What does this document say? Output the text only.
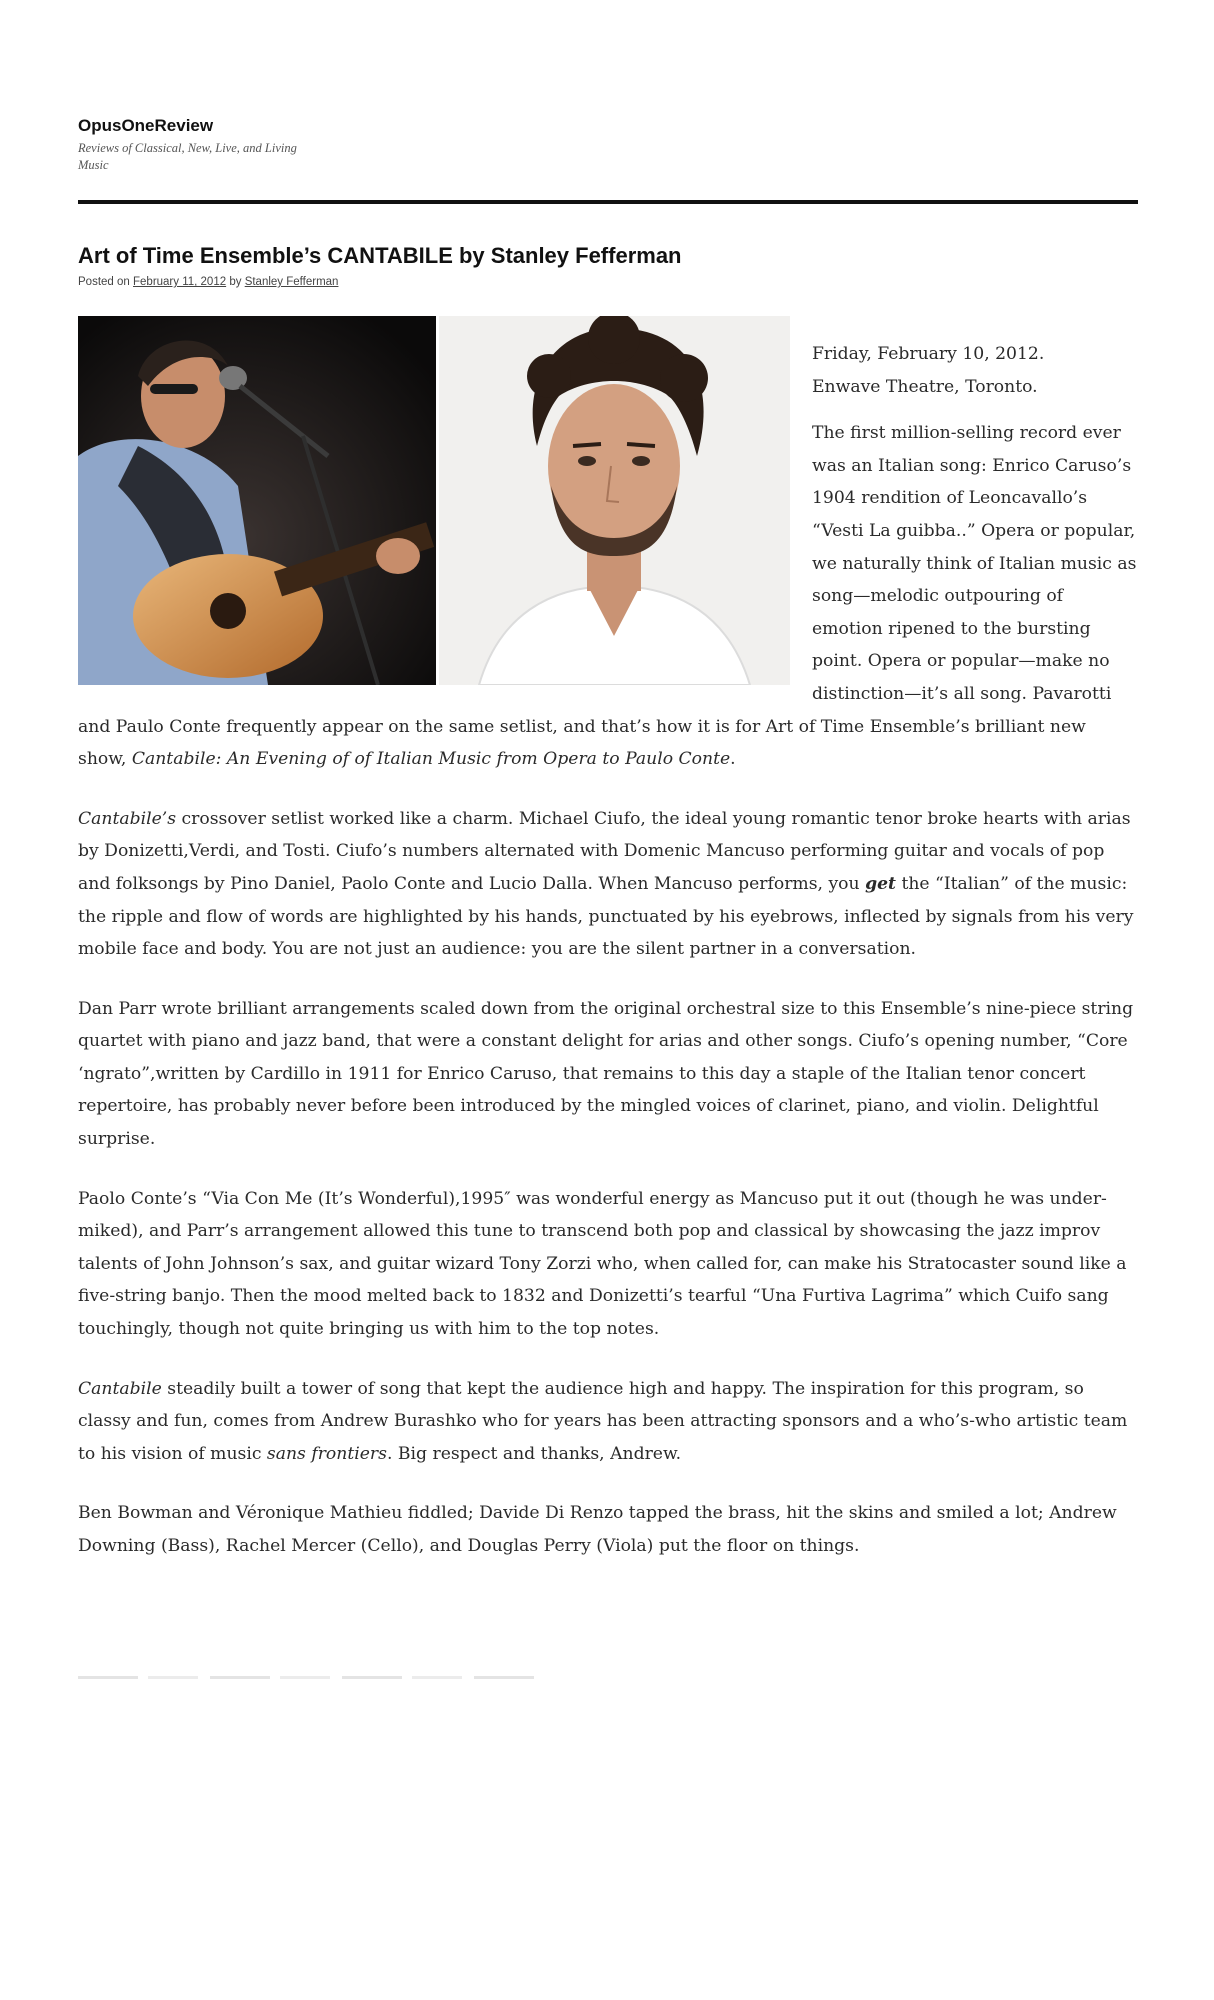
OpusOneReview
Reviews of Classical, New, Live, and Living Music
Art of Time Ensemble’s CANTABILE by Stanley Fefferman
Posted on February 11, 2012 by Stanley Fefferman

Friday, February 10, 2012.
Enwave Theatre, Toronto.

The first million-selling record ever was an Italian song: Enrico Caruso’s 1904 rendition of Leoncavallo’s “Vesti La guibba..” Opera or popular, we naturally think of Italian music as song—melodic outpouring of emotion ripened to the bursting point. Opera or popular—make no distinction—it’s all song. Pavarotti and Paulo Conte frequently appear on the same setlist, and that’s how it is for Art of Time Ensemble’s brilliant new show, Cantabile: An Evening of of Italian Music from Opera to Paulo Conte.

Cantabile’s crossover setlist worked like a charm. Michael Ciufo, the ideal young romantic tenor broke hearts with arias by Donizetti,Verdi, and Tosti. Ciufo’s numbers alternated with Domenic Mancuso performing guitar and vocals of pop and folksongs by Pino Daniel, Paolo Conte and Lucio Dalla. When Mancuso performs, you get the “Italian” of the music: the ripple and flow of words are highlighted by his hands, punctuated by his eyebrows, inflected by signals from his very mobile face and body. You are not just an audience: you are the silent partner in a conversation.

Dan Parr wrote brilliant arrangements scaled down from the original orchestral size to this Ensemble’s nine-piece string quartet with piano and jazz band, that were a constant delight for arias and other songs. Ciufo’s opening number, “Core ‘ngrato”,written by Cardillo in 1911 for Enrico Caruso, that remains to this day a staple of the Italian tenor concert repertoire, has probably never before been introduced by the mingled voices of clarinet, piano, and violin. Delightful surprise.

Paolo Conte’s “Via Con Me (It’s Wonderful),1995″ was wonderful energy as Mancuso put it out (though he was under-miked), and Parr’s arrangement allowed this tune to transcend both pop and classical by showcasing the jazz improv talents of John Johnson’s sax, and guitar wizard Tony Zorzi who, when called for, can make his Stratocaster sound like a five-string banjo. Then the mood melted back to 1832 and Donizetti’s tearful “Una Furtiva Lagrima” which Cuifo sang touchingly, though not quite bringing us with him to the top notes.

Cantabile steadily built a tower of song that kept the audience high and happy. The inspiration for this program, so classy and fun, comes from Andrew Burashko who for years has been attracting sponsors and a who’s-who artistic team to his vision of music sans frontiers. Big respect and thanks, Andrew.

Ben Bowman and Véronique Mathieu fiddled; Davide Di Renzo tapped the brass, hit the skins and smiled a lot; Andrew Downing (Bass), Rachel Mercer (Cello), and Douglas Perry (Viola) put the floor on things.
